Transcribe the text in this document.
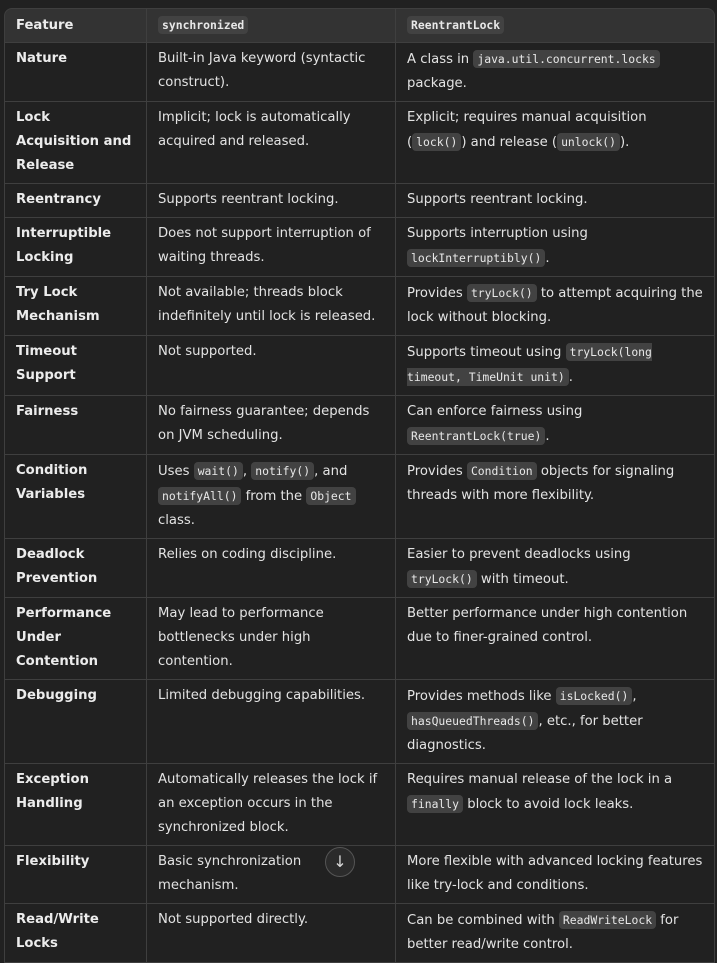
Feature	synchronized	ReentrantLock
Nature	Built-in Java keyword (syntactic construct).	A class in java.util.concurrent.locks package.
Lock Acquisition and Release	Implicit; lock is automatically acquired and released.	Explicit; requires manual acquisition ( lock() ) and release ( unlock() ).
Reentrancy	Supports reentrant locking.	Supports reentrant locking.
Interruptible Locking	Does not support interruption of waiting threads.	Supports interruption using lockInterruptibly() .
Try Lock Mechanism	Not available; threads block indefinitely until lock is released.	Provides tryLock() to attempt acquiring the lock without blocking.
Timeout Support	Not supported.	Supports timeout using tryLock(long timeout, TimeUnit unit) .
Fairness	No fairness guarantee; depends on JVM scheduling.	Can enforce fairness using ReentrantLock(true) .
Condition Variables	Uses wait() , notify() , and notifyAll() from the Object class.	Provides Condition objects for signaling threads with more flexibility.
Deadlock Prevention	Relies on coding discipline.	Easier to prevent deadlocks using tryLock() with timeout.
Performance Under Contention	May lead to performance bottlenecks under high contention.	Better performance under high contention due to finer-grained control.
Debugging	Limited debugging capabilities.	Provides methods like isLocked() , hasQueuedThreads() , etc., for better diagnostics.
Exception Handling	Automatically releases the lock if an exception occurs in the synchronized block.	Requires manual release of the lock in a finally block to avoid lock leaks.
Flexibility	Basic synchronization mechanism.	More flexible with advanced locking features like try-lock and conditions.
Read/Write Locks	Not supported directly.	Can be combined with ReadWriteLock for better read/write control.
↓
